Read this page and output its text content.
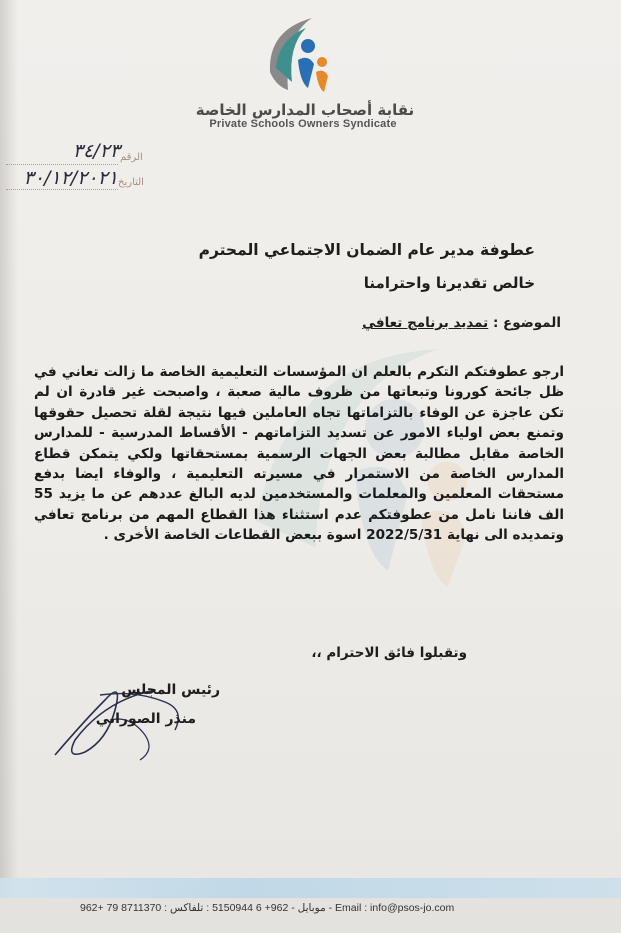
نقابة أصحاب المدارس الخاصة
Private Schools Owners Syndicate
الرقم
٣٤/٢٣
التاريخ
٣٠/١٢/٢٠٢١
عطوفة مدير عام الضمان الاجتماعي المحترم
خالص تقديرنا واحترامنا
الموضوع : تمديد برنامج تعافي
ارجو عطوفتكم التكرم بالعلم ان المؤسسات التعليمية الخاصة ما زالت تعاني في ظل جائحة كورونا وتبعاتها من ظروف مالية صعبة ، واصبحت غير قادرة ان لم تكن عاجزة عن الوفاء بالتزاماتها تجاه العاملين فيها نتيجة لقلة تحصيل حقوقها وتمنع بعض اولياء الامور عن تسديد التزاماتهم - الأقساط المدرسية - للمدارس الخاصة مقابل مطالبة بعض الجهات الرسمية بمستحقاتها ولكي يتمكن قطاع المدارس الخاصة من الاستمرار في مسيرته التعليمية ، والوفاء ايضا بدفع مستحقات المعلمين والمعلمات والمستخدمين لديه البالغ عددهم عن ما يزيد 55 الف فاننا نامل من عطوفتكم عدم استثناء هذا القطاع المهم من برنامج تعافي وتمديده الى نهاية 2022/5/31 اسوة ببعض القطاعات الخاصة الأخرى .
وتقبلوا فائق الاحترام ،،
رئيس المجلس
منذر الصوراني
962+ 79 8711370 : موبايل - 962+ 6 5150944 : تلفاكس - Email : info@psos-jo.com
